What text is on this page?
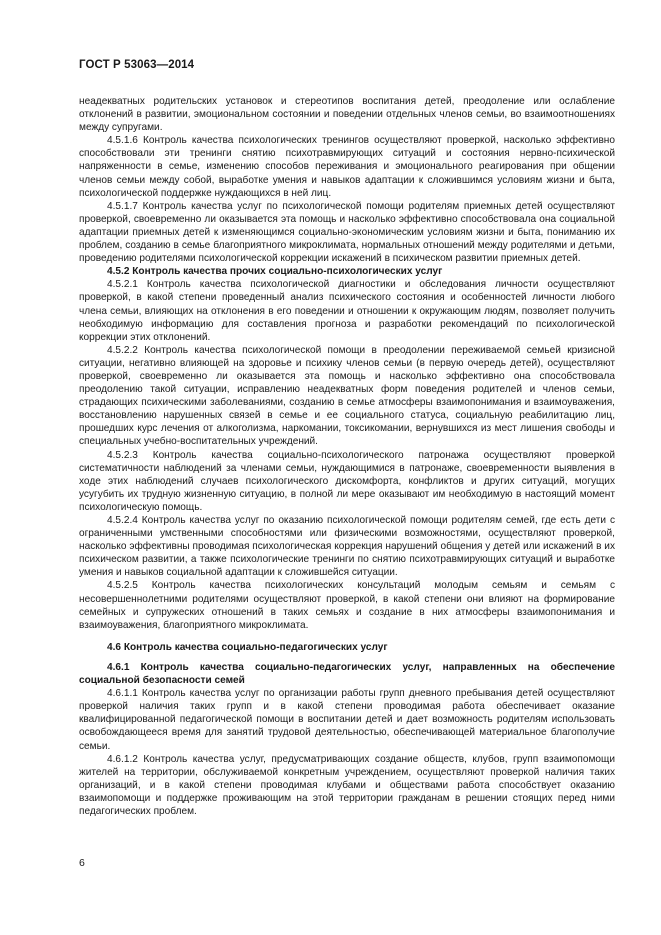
ГОСТ Р 53063—2014

неадекватных родительских установок и стереотипов воспитания детей, преодоление или ослабление отклонений в развитии, эмоциональном состоянии и поведении отдельных членов семьи, во взаимоотношениях между супругами.

4.5.1.6 Контроль качества психологических тренингов осуществляют проверкой, насколько эффективно способствовали эти тренинги снятию психотравмирующих ситуаций и состояния нервно-психической напряженности в семье, изменению способов переживания и эмоционального реагирования при общении членов семьи между собой, выработке умения и навыков адаптации к сложившимся условиям жизни и быта, психологической поддержке нуждающихся в ней лиц.

4.5.1.7 Контроль качества услуг по психологической помощи родителям приемных детей осуществляют проверкой, своевременно ли оказывается эта помощь и насколько эффективно способствовала она социальной адаптации приемных детей к изменяющимся социально-экономическим условиям жизни и быта, пониманию их проблем, созданию в семье благоприятного микроклимата, нормальных отношений между родителями и детьми, проведению родителями психологической коррекции искажений в психическом развитии приемных детей.

4.5.2 Контроль качества прочих социально-психологических услуг

4.5.2.1 Контроль качества психологической диагностики и обследования личности осуществляют проверкой, в какой степени проведенный анализ психического состояния и особенностей личности любого члена семьи, влияющих на отклонения в его поведении и отношении к окружающим людям, позволяет получить необходимую информацию для составления прогноза и разработки рекомендаций по психологической коррекции этих отклонений.

4.5.2.2 Контроль качества психологической помощи в преодолении переживаемой семьей кризисной ситуации, негативно влияющей на здоровье и психику членов семьи (в первую очередь детей), осуществляют проверкой, своевременно ли оказывается эта помощь и насколько эффективно она способствовала преодолению такой ситуации, исправлению неадекватных форм поведения родителей и членов семьи, страдающих психическими заболеваниями, созданию в семье атмосферы взаимопонимания и взаимоуважения, восстановлению нарушенных связей в семье и ее социального статуса, социальную реабилитацию лиц, прошедших курс лечения от алкоголизма, наркомании, токсикомании, вернувшихся из мест лишения свободы и специальных учебно-воспитательных учреждений.

4.5.2.3 Контроль качества социально-психологического патронажа осуществляют проверкой систематичности наблюдений за членами семьи, нуждающимися в патронаже, своевременности выявления в ходе этих наблюдений случаев психологического дискомфорта, конфликтов и других ситуаций, могущих усугубить их трудную жизненную ситуацию, в полной ли мере оказывают им необходимую в настоящий момент психологическую помощь.

4.5.2.4 Контроль качества услуг по оказанию психологической помощи родителям семей, где есть дети с ограниченными умственными способностями или физическими возможностями, осуществляют проверкой, насколько эффективны проводимая психологическая коррекция нарушений общения у детей или искажений в их психическом развитии, а также психологические тренинги по снятию психотравмирующих ситуаций и выработке умения и навыков социальной адаптации к сложившейся ситуации.

4.5.2.5 Контроль качества психологических консультаций молодым семьям и семьям с несовершеннолетними родителями осуществляют проверкой, в какой степени они влияют на формирование семейных и супружеских отношений в таких семьях и создание в них атмосферы взаимопонимания и взаимоуважения, благоприятного микроклимата.

4.6 Контроль качества социально-педагогических услуг

4.6.1 Контроль качества социально-педагогических услуг, направленных на обеспечение социальной безопасности семей

4.6.1.1 Контроль качества услуг по организации работы групп дневного пребывания детей осуществляют проверкой наличия таких групп и в какой степени проводимая работа обеспечивает оказание квалифицированной педагогической помощи в воспитании детей и дает возможность родителям использовать освобождающееся время для занятий трудовой деятельностью, обеспечивающей материальное благополучие семьи.

4.6.1.2 Контроль качества услуг, предусматривающих создание обществ, клубов, групп взаимопомощи жителей на территории, обслуживаемой конкретным учреждением, осуществляют проверкой наличия таких организаций, и в какой степени проводимая клубами и обществами работа способствует оказанию взаимопомощи и поддержке проживающим на этой территории гражданам в решении стоящих перед ними педагогических проблем.

6
